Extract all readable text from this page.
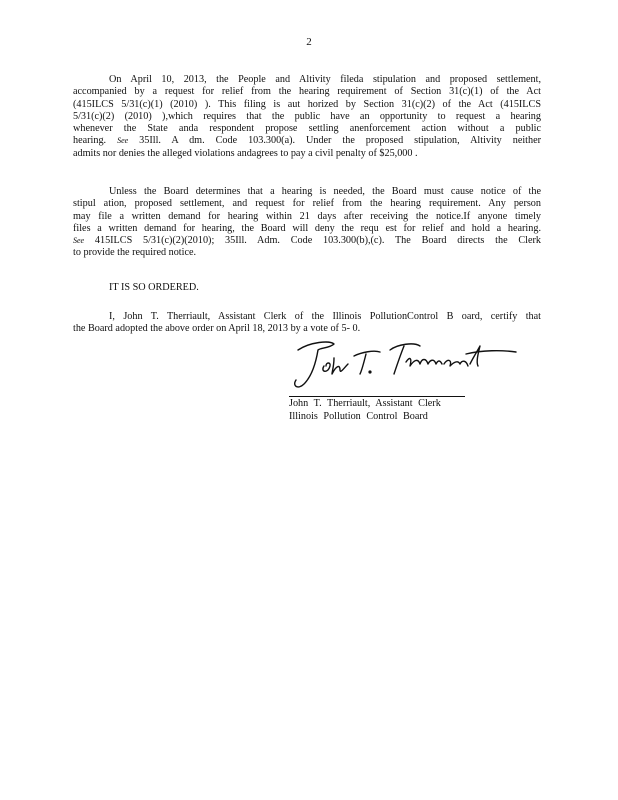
2
On April 10, 2013, the People and Altivity fileda stipulation and proposed settlement,
accompanied by a request for relief from the hearing requirement of Section 31(c)(1) of the Act
(415ILCS 5/31(c)(1) (2010) ). This filing is aut horized by Section 31(c)(2) of the Act (415ILCS
5/31(c)(2) (2010) ),which requires that the public have an opportunity to request a hearing
whenever the State anda respondent propose settling anenforcement action without a public
hearing. See 35Ill. A dm. Code 103.300(a). Under the proposed stipulation, Altivity neither
admits nor denies the alleged violations andagrees to pay a civil penalty of $25,000 .
Unless the Board determines that a hearing is needed, the Board must cause notice of the
stipul ation, proposed settlement, and request for relief from the hearing requirement. Any person
may file a written demand for hearing within 21 days after receiving the notice.If anyone timely
files a written demand for hearing, the Board will deny the requ est for relief and hold a hearing.
See 415ILCS 5/31(c)(2)(2010); 35Ill. Adm. Code 103.300(b),(c). The Board directs the Clerk
to provide the required notice.
IT IS SO ORDERED.
I, John T. Therriault, Assistant Clerk of the Illinois PollutionControl B oard, certify that
the Board adopted the above order on April 18, 2013 by a vote of 5- 0.
John T. Therriault, Assistant Clerk
Illinois Pollution Control Board
